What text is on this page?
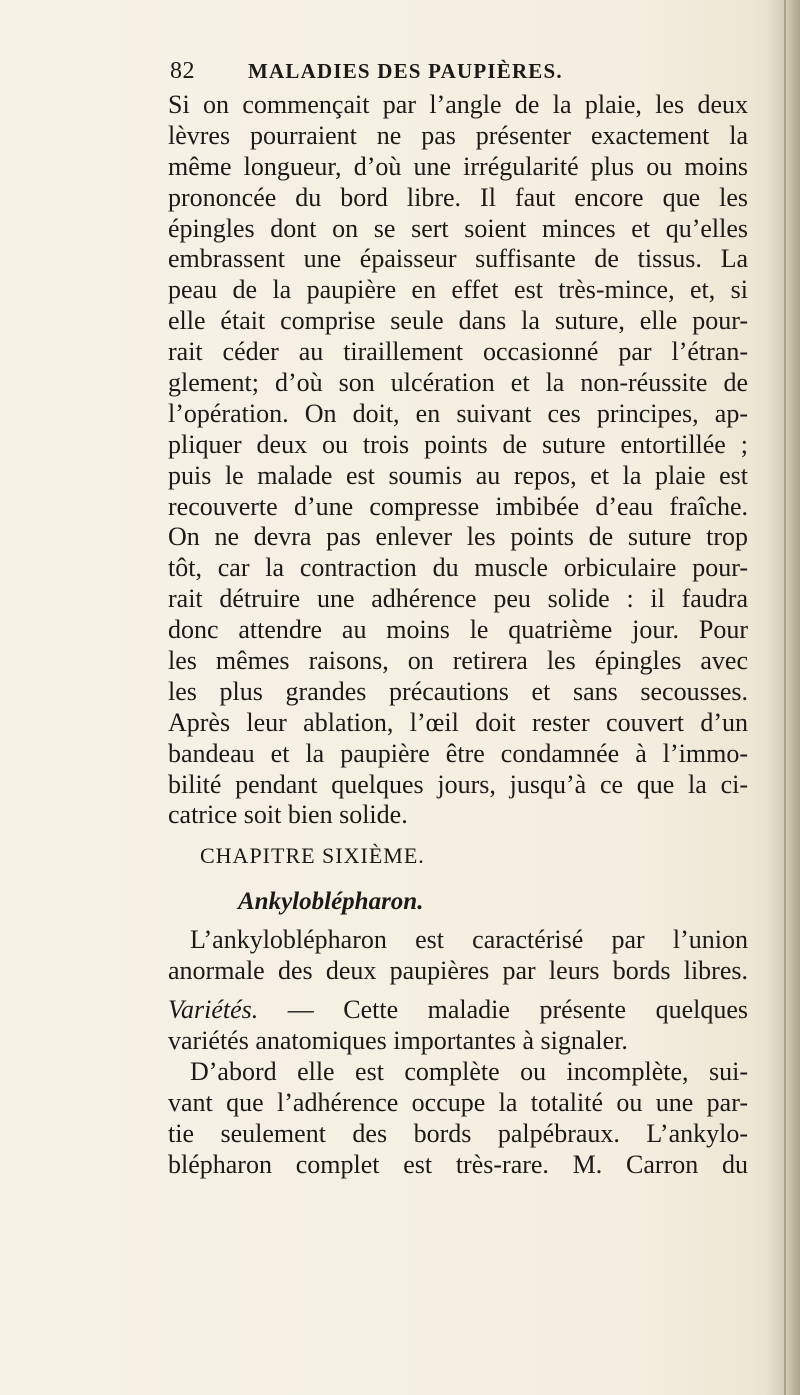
82	MALADIES DES PAUPIÈRES.
Si on commençait par l’angle de la plaie, les deux
lèvres pourraient ne pas présenter exactement la
même longueur, d’où une irrégularité plus ou moins
prononcée du bord libre. Il faut encore que les
épingles dont on se sert soient minces et qu’elles
embrassent une épaisseur suffisante de tissus. La
peau de la paupière en effet est très-mince, et, si
elle était comprise seule dans la suture, elle pour-
rait céder au tiraillement occasionné par l’étran-
glement; d’où son ulcération et la non-réussite de
l’opération. On doit, en suivant ces principes, ap-
pliquer deux ou trois points de suture entortillée ;
puis le malade est soumis au repos, et la plaie est
recouverte d’une compresse imbibée d’eau fraîche.
On ne devra pas enlever les points de suture trop
tôt, car la contraction du muscle orbiculaire pour-
rait détruire une adhérence peu solide : il faudra
donc attendre au moins le quatrième jour. Pour
les mêmes raisons, on retirera les épingles avec
les plus grandes précautions et sans secousses.
Après leur ablation, l’œil doit rester couvert d’un
bandeau et la paupière être condamnée à l’immo-
bilité pendant quelques jours, jusqu’à ce que la ci-
catrice soit bien solide.
CHAPITRE SIXIÈME.
Ankyloblépharon.
L’ankyloblépharon est caractérisé par l’union
anormale des deux paupières par leurs bords libres.
Variétés. — Cette maladie présente quelques
variétés anatomiques importantes à signaler.
D’abord elle est complète ou incomplète, sui-
vant que l’adhérence occupe la totalité ou une par-
tie seulement des bords palpébraux. L’ankylo-
blépharon complet est très-rare. M. Carron du
